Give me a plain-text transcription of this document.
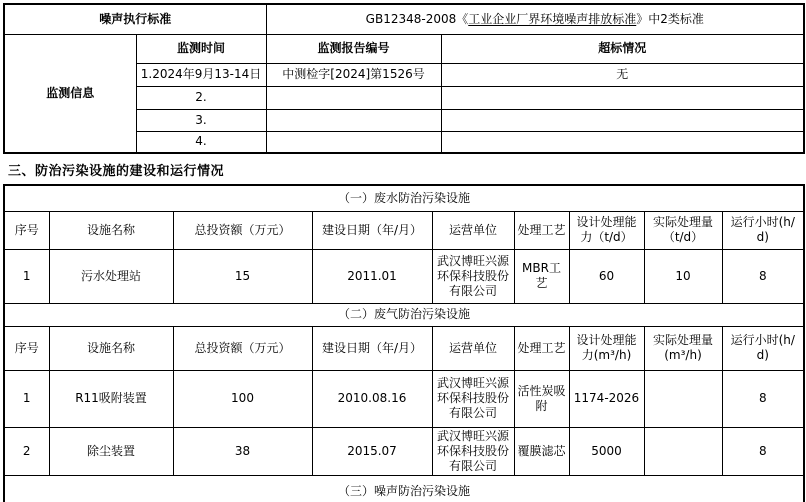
噪声执行标准		GB12348-2008《工业企业厂界环境噪声排放标准》中2类标准	
监测信息	监测时间	监测报告编号	超标情况
	1.2024年9月13-14日	中测检字[2024]第1526号	无
	2.		
	3.		
	4.		
三、防治污染设施的建设和运行情况
（一）废水防治污染设施								
序号	设施名称	总投资额（万元）	建设日期（年/月）	运营单位	处理工艺	设计处理能力（t/d）	实际处理量（t/d）	运行小时(h/d)
1	污水处理站	15	2011.01	武汉博旺兴源环保科技股份有限公司	MBR工艺	60	10	8
（二）废气防治污染设施								
序号	设施名称	总投资额（万元）	建设日期（年/月）	运营单位	处理工艺	设计处理能力(m³/h)	实际处理量(m³/h)	运行小时(h/d)
1	R11吸附装置	100	2010.08.16	武汉博旺兴源环保科技股份有限公司	活性炭吸附	1174-2026		8
2	除尘装置	38	2015.07	武汉博旺兴源环保科技股份有限公司	覆膜滤芯	5000		8
（三）噪声防治污染设施								
